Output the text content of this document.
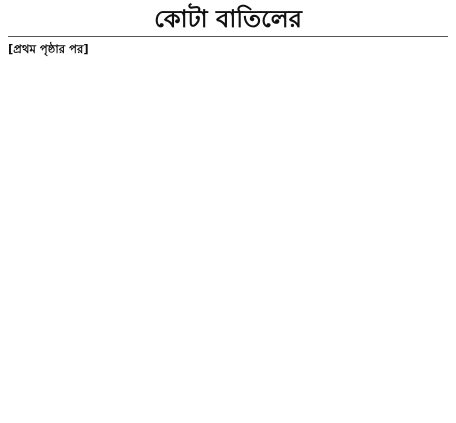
কোটা বাতিলের

[প্রথম পৃষ্ঠার পর]
